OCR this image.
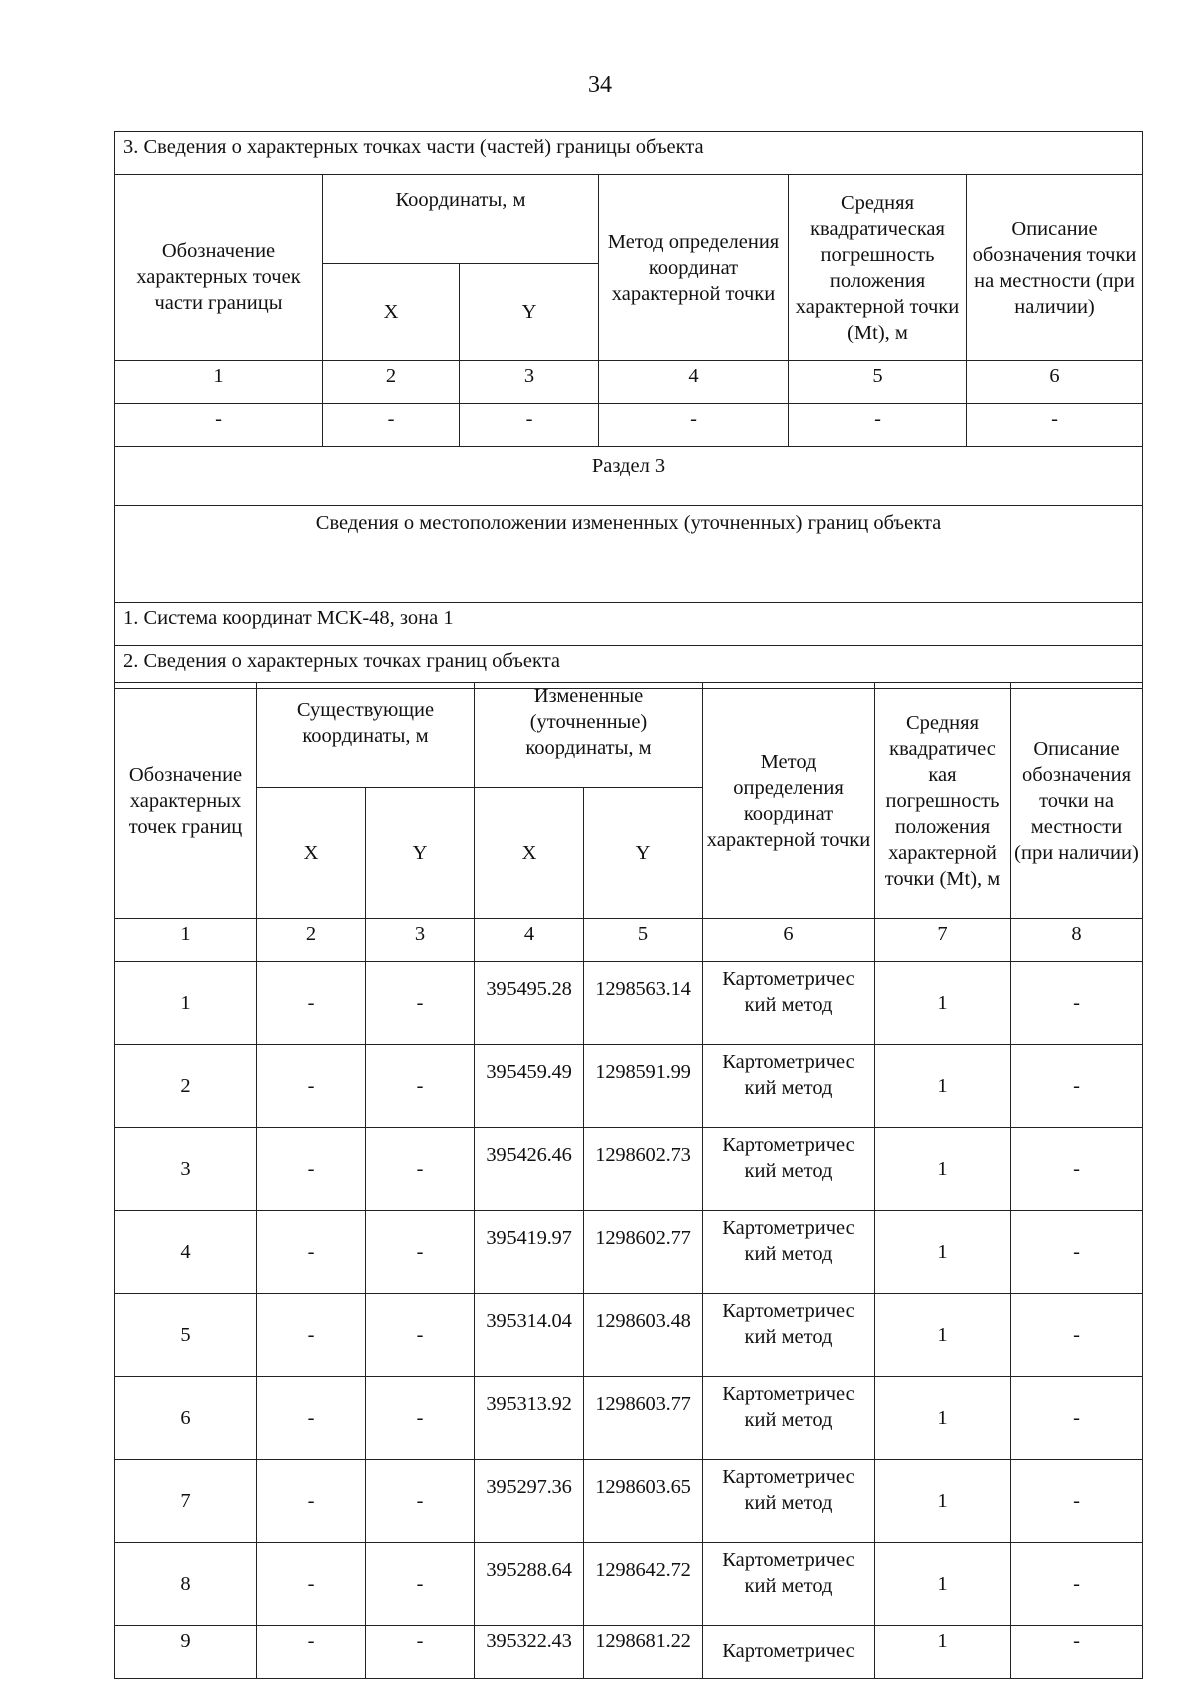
34
3. Сведения о характерных точках части (частей) границы объекта					
Обозначение характерных точек части границы	Координаты, м		Метод определения координат характерной точки	Средняя квадратическая погрешность положения характерной точки (Mt), м	Описание обозначения точки на местности (при наличии)
	X	Y			
1	2	3	4	5	6
-	-	-	-	-	-
Раздел 3					
Сведения о местоположении измененных (уточненных) границ объекта					
1. Система координат МСК-48, зона 1					
2. Сведения о характерных точках границ объекта					
Обозначение характерных точек границ	Существующие координаты, м		Измененные (уточненные) координаты, м		Метод определения координат характерной точки	Средняя квадратичес кая погрешность положения характерной точки (Mt), м	Описание обозначения точки на местности (при наличии)
	X	Y	X	Y			
1	2	3	4	5	6	7	8
1	-	-	395495.28	1298563.14	Картометричес кий метод	1	-
2	-	-	395459.49	1298591.99	Картометричес кий метод	1	-
3	-	-	395426.46	1298602.73	Картометричес кий метод	1	-
4	-	-	395419.97	1298602.77	Картометричес кий метод	1	-
5	-	-	395314.04	1298603.48	Картометричес кий метод	1	-
6	-	-	395313.92	1298603.77	Картометричес кий метод	1	-
7	-	-	395297.36	1298603.65	Картометричес кий метод	1	-
8	-	-	395288.64	1298642.72	Картометричес кий метод	1	-
9	-	-	395322.43	1298681.22	Картометричес	1	-
